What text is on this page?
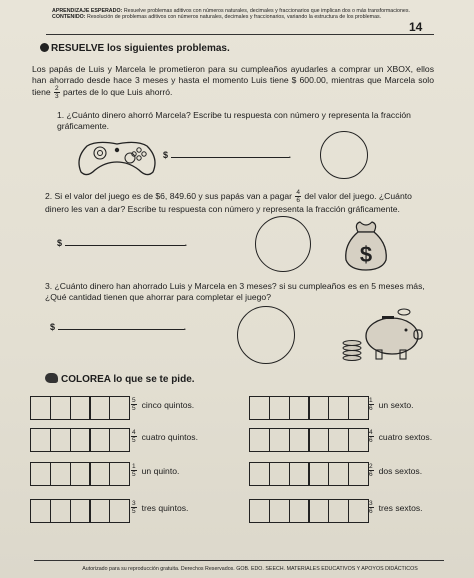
APRENDIZAJE ESPERADO: Resuelve problemas aditivos con números naturales, decimales y fraccionarios que implican dos o más transformaciones.
CONTENIDO: Resolución de problemas aditivos con números naturales, decimales y fraccionarios, variando la estructura de los problemas.
14
RESUELVE los siguientes problemas.
Los papás de Luis y Marcela le prometieron para su cumpleaños ayudarles a comprar un XBOX, ellos han ahorrado desde hace 3 meses y hasta el momento Luis tiene $ 600.00, mientras que Marcela solo tiene $\frac{2}{3}$ partes de lo que Luis ahorró.
1. ¿Cuánto dinero ahorró Marcela? Escribe tu respuesta con número y representa la fracción gráficamente.
$	.
2. Si el valor del juego es de $6, 849.60 y sus papás van a pagar $\frac{4}{6}$ del valor del juego. ¿Cuánto dinero les van a dar? Escribe tu respuesta con número y representa la fracción gráficamente.
$	.	$
3. ¿Cuánto dinero han ahorrado Luis y Marcela en 3 meses? si su cumpleaños es en 5 meses más, ¿Qué cantidad tienen que ahorrar para completar el juego?
$	.
COLOREA lo que se te pide.
$\frac{5}{5}$ cinco quintos.	$\frac{1}{6}$ un sexto.
$\frac{4}{5}$ cuatro quintos.	$\frac{4}{6}$ cuatro sextos.
$\frac{1}{5}$ un quinto.	$\frac{2}{6}$ dos sextos.
$\frac{3}{5}$ tres quintos.	$\frac{3}{6}$ tres sextos.
Autorizado para su reproducción gratuita. Derechos Reservados. GOB. EDO. SEECH. MATERIALES EDUCATIVOS Y APOYOS DIDÁCTICOS
